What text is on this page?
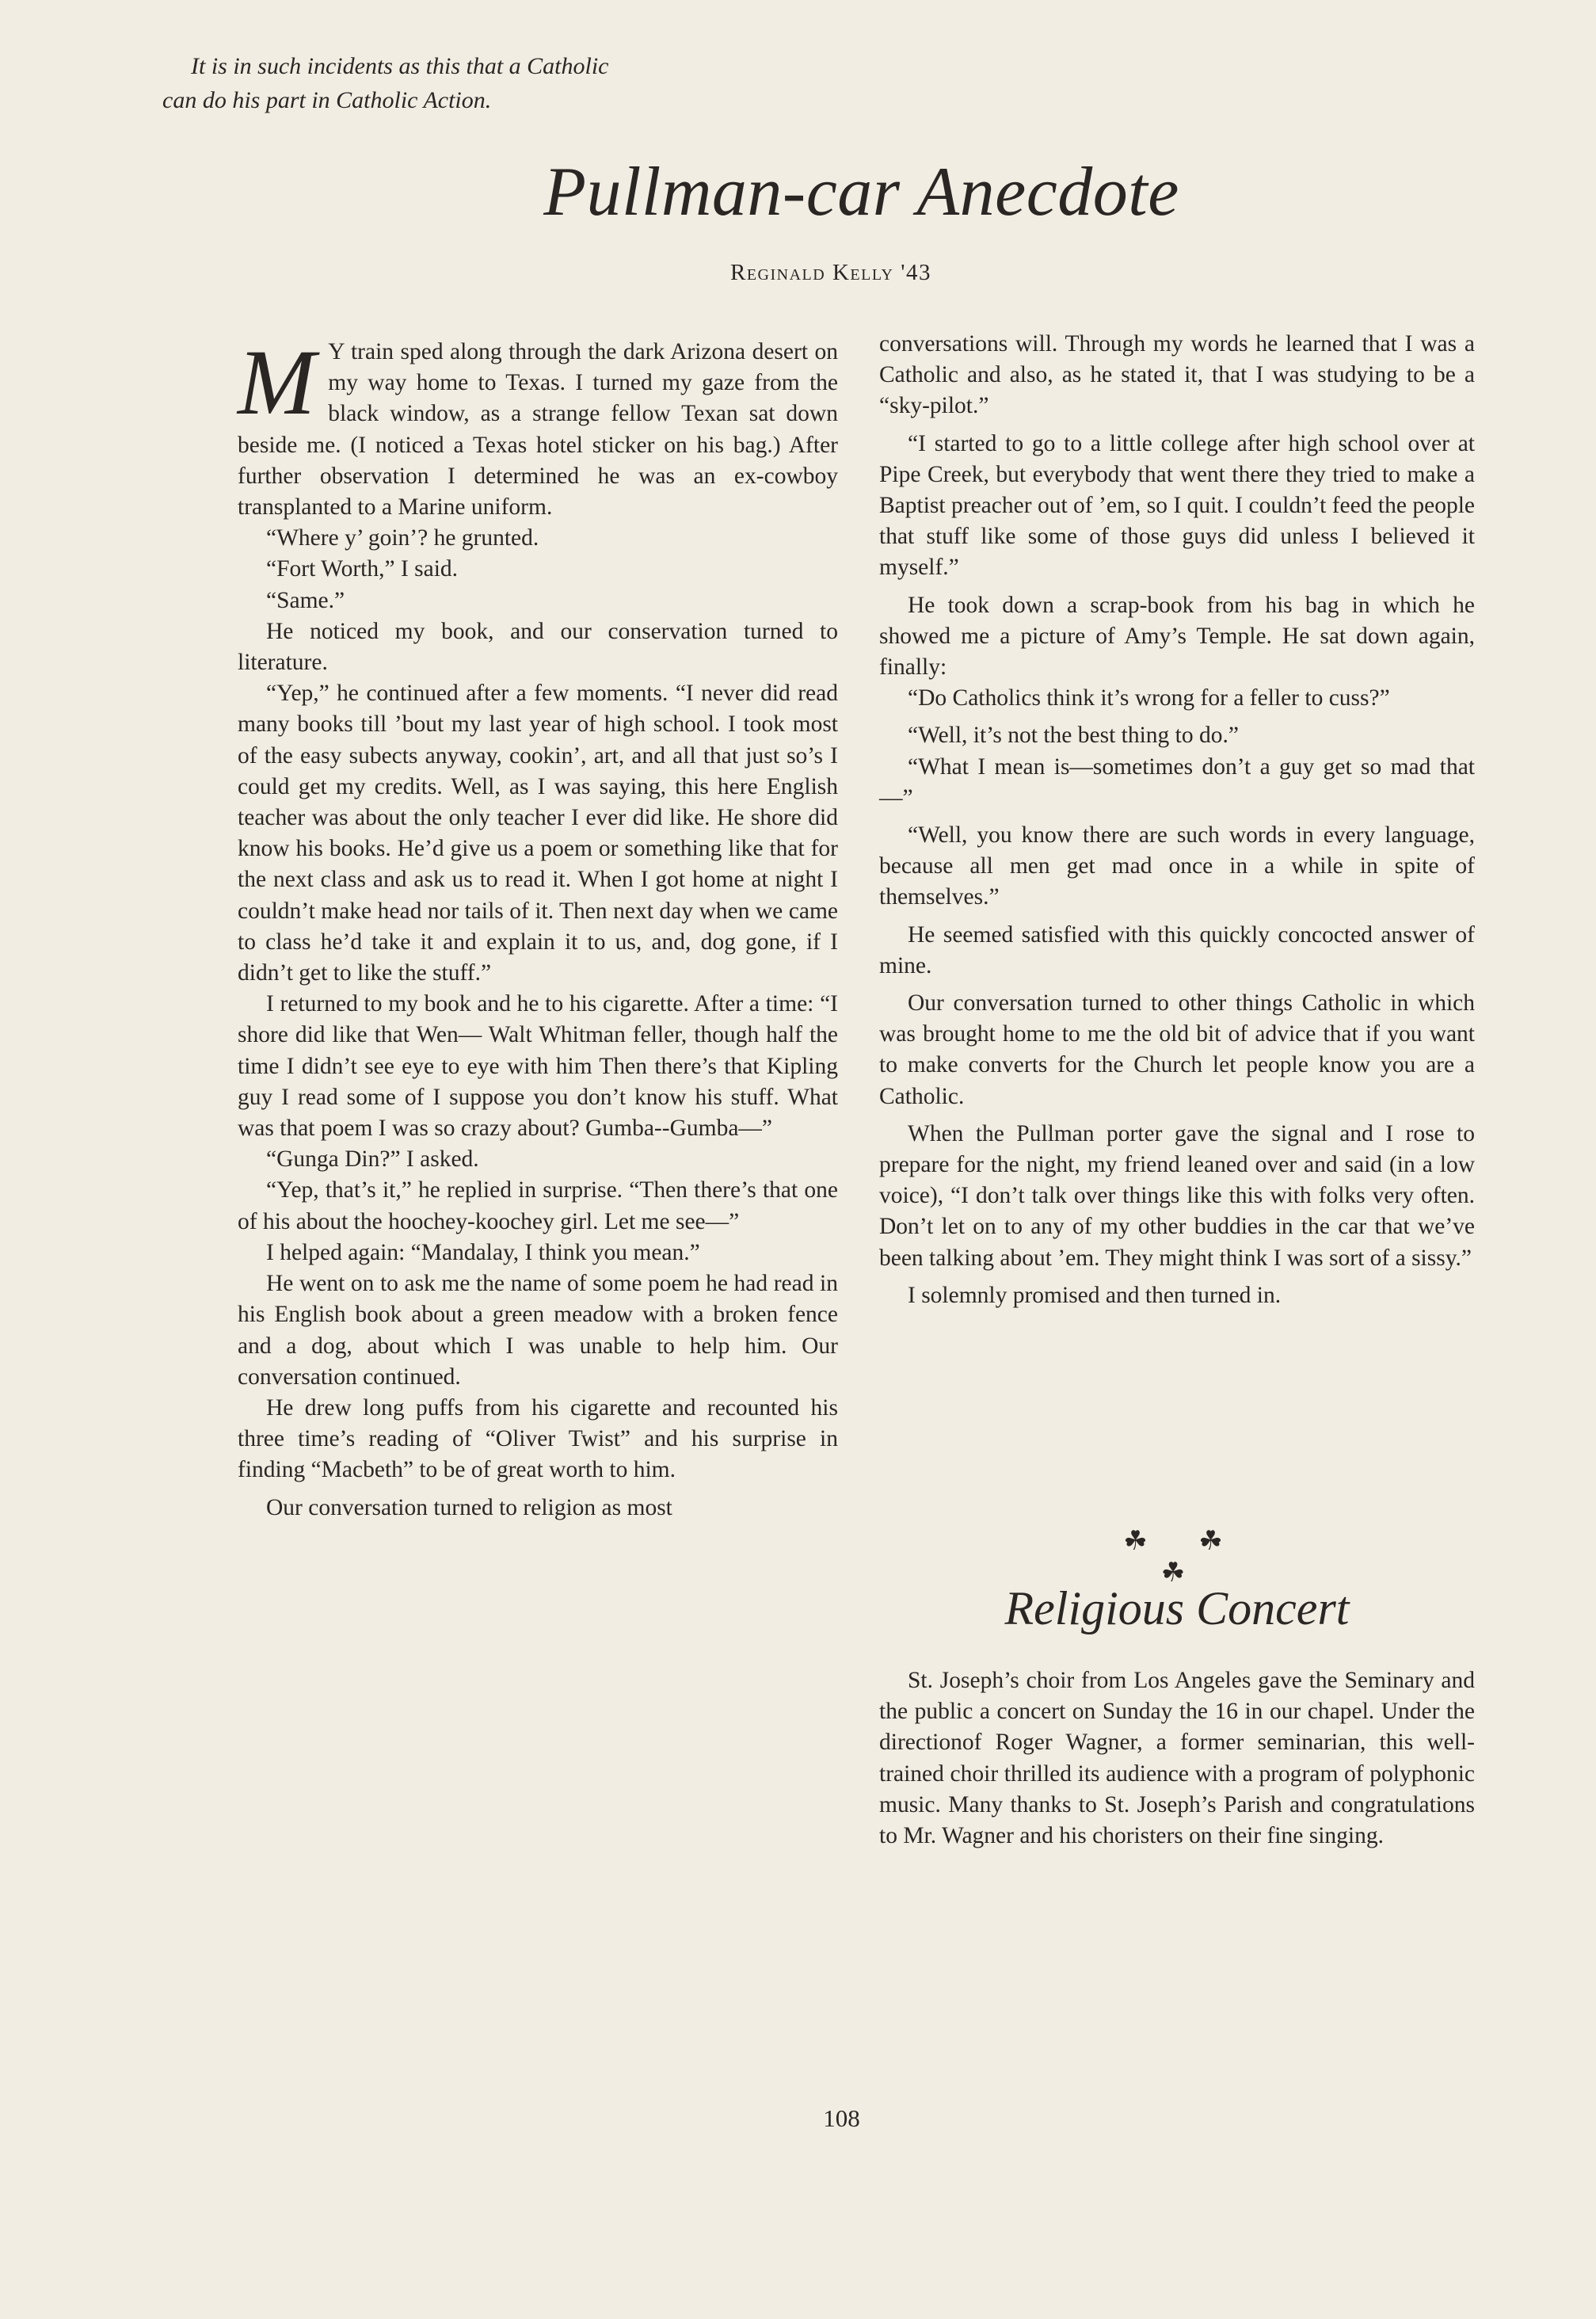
It is in such incidents as this that a Catholic
can do his part in Catholic Action.
Pullman-car Anecdote
Reginald Kelly '43

M Y train sped along through the dark Arizona desert on my way home to Texas. I turned my gaze from the black window, as a strange fellow Texan sat down beside me. (I noticed a Texas hotel sticker on his bag.) After further observation I determined he was an ex-cowboy transplanted to a Marine uniform.

“Where y’ goin’? he grunted.

“Fort Worth,” I said.

“Same.”

He noticed my book, and our conservation turned to literature.

“Yep,” he continued after a few moments. “I never did read many books till ’bout my last year of high school. I took most of the easy subects anyway, cookin’, art, and all that just so’s I could get my credits. Well, as I was saying, this here English teacher was about the only teacher I ever did like. He shore did know his books. He’d give us a poem or something like that for the next class and ask us to read it. When I got home at night I couldn’t make head nor tails of it. Then next day when we came to class he’d take it and explain it to us, and, dog gone, if I didn’t get to like the stuff.”

I returned to my book and he to his cigarette. After a time: “I shore did like that Wen— Walt Whitman feller, though half the time I didn’t see eye to eye with him Then there’s that Kipling guy I read some of I suppose you don’t know his stuff. What was that poem I was so crazy about? Gumba--Gumba—”

“Gunga Din?” I asked.

“Yep, that’s it,” he replied in surprise. “Then there’s that one of his about the hoochey-koochey girl. Let me see—”

I helped again: “Mandalay, I think you mean.”

He went on to ask me the name of some poem he had read in his English book about a green meadow with a broken fence and a dog, about which I was unable to help him. Our conversation continued.

He drew long puffs from his cigarette and recounted his three time’s reading of “Oliver Twist” and his surprise in finding “Macbeth” to be of great worth to him.

Our conversation turned to religion as most

conversations will. Through my words he learned that I was a Catholic and also, as he stated it, that I was studying to be a “sky-pilot.”

“I started to go to a little college after high school over at Pipe Creek, but everybody that went there they tried to make a Baptist preacher out of ’em, so I quit. I couldn’t feed the people that stuff like some of those guys did unless I believed it myself.”

He took down a scrap-book from his bag in which he showed me a picture of Amy’s Temple. He sat down again, finally:

“Do Catholics think it’s wrong for a feller to cuss?”

“Well, it’s not the best thing to do.”

“What I mean is—sometimes don’t a guy get so mad that—”

“Well, you know there are such words in every language, because all men get mad once in a while in spite of themselves.”

He seemed satisfied with this quickly concocted answer of mine.

Our conversation turned to other things Catholic in which was brought home to me the old bit of advice that if you want to make converts for the Church let people know you are a Catholic.

When the Pullman porter gave the signal and I rose to prepare for the night, my friend leaned over and said (in a low voice), “I don’t talk over things like this with folks very often. Don’t let on to any of my other buddies in the car that we’ve been talking about ’em. They might think I was sort of a sissy.”

I solemnly promised and then turned in.

☘ ☘ ☘
Religious Concert

St. Joseph’s choir from Los Angeles gave the Seminary and the public a concert on Sunday the 16 in our chapel. Under the directionof Roger Wagner, a former seminarian, this well-trained choir thrilled its audience with a program of polyphonic music. Many thanks to St. Joseph’s Parish and congratulations to Mr. Wagner and his choristers on their fine singing.

108
